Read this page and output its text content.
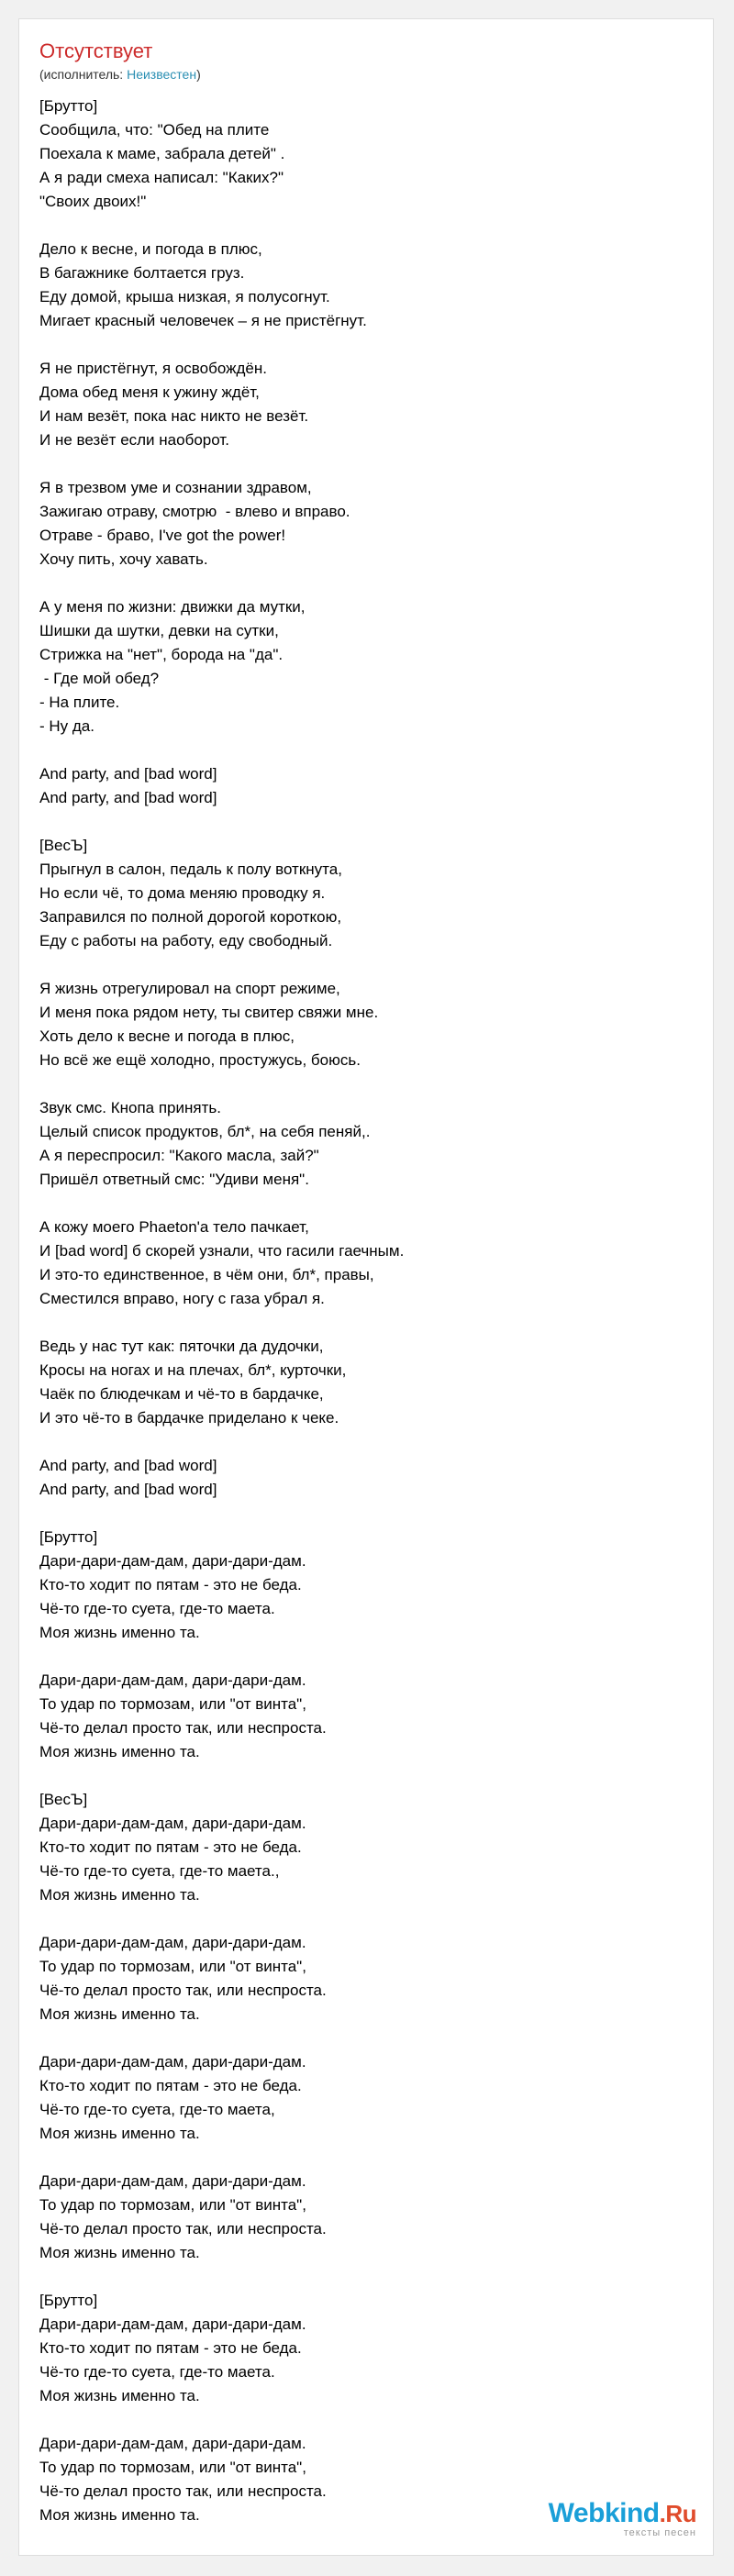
Отсутствует
(исполнитель: Неизвестен)
[Брутто]
Сообщила, что: "Обед на плите
Поехала к маме, забрала детей" .
А я ради смеха написал: "Каких?"
"Своих двоих!"
Дело к весне, и погода в плюс,
В багажнике болтается груз.
Еду домой, крыша низкая, я полусогнут.
Мигает красный человечек – я не пристёгнут.
Я не пристёгнут, я освобождён.
Дома обед меня к ужину ждёт,
И нам везёт, пока нас никто не везёт.
И не везёт если наоборот.
Я в трезвом уме и сознании здравом,
Зажигаю отраву, смотрю  - влево и вправо.
Отраве - браво, I've got the power!
Хочу пить, хочу хавать.
А у меня по жизни: движки да мутки,
Шишки да шутки, девки на сутки,
Стрижка на "нет", борода на "да".
- Где мой обед?
- На плите.
- Ну да.
And party, and [bad word]
And party, and [bad word]
[ВесЪ]
Прыгнул в салон, педаль к полу воткнута,
Но если чё, то дома меняю проводку я.
Заправился по полной дорогой короткою,
Еду с работы на работу, еду свободный.
Я жизнь отрегулировал на спорт режиме,
И меня пока рядом нету, ты свитер свяжи мне.
Хоть дело к весне и погода в плюс,
Но всё же ещё холодно, простужусь, боюсь.
Звук смс. Кнопа принять.
Целый список продуктов, бл*, на себя пеняй,.
А я переспросил: "Какого масла, зай?"
Пришёл ответный смс: "Удиви меня".
А кожу моего Phaeton'a тело пачкает,
И [bad word] б скорей узнали, что гасили гаечным.
И это-то единственное, в чём они, бл*, правы,
Сместился вправо, ногу с газа убрал я.
Ведь у нас тут как: пяточки да дудочки,
Кросы на ногах и на плечах, бл*, курточки,
Чаёк по блюдечкам и чё-то в бардачке,
И это чё-то в бардачке приделано к чеке.
And party, and [bad word]
And party, and [bad word]
[Брутто]
Дари-дари-дам-дам, дари-дари-дам.
Кто-то ходит по пятам - это не беда.
Чё-то где-то суета, где-то маета.
Моя жизнь именно та.
Дари-дари-дам-дам, дари-дари-дам.
То удар по тормозам, или "от винта",
Чё-то делал просто так, или неспроста.
Моя жизнь именно та.
[ВесЪ]
Дари-дари-дам-дам, дари-дари-дам.
Кто-то ходит по пятам - это не беда.
Чё-то где-то суета, где-то маета.,
Моя жизнь именно та.
Дари-дари-дам-дам, дари-дари-дам.
То удар по тормозам, или "от винта",
Чё-то делал просто так, или неспроста.
Моя жизнь именно та.
Дари-дари-дам-дам, дари-дари-дам.
Кто-то ходит по пятам - это не беда.
Чё-то где-то суета, где-то маета,
Моя жизнь именно та.
Дари-дари-дам-дам, дари-дари-дам.
То удар по тормозам, или "от винта",
Чё-то делал просто так, или неспроста.
Моя жизнь именно та.
[Брутто]
Дари-дари-дам-дам, дари-дари-дам.
Кто-то ходит по пятам - это не беда.
Чё-то где-то суета, где-то маета.
Моя жизнь именно та.
Дари-дари-дам-дам, дари-дари-дам.
То удар по тормозам, или "от винта",
Чё-то делал просто так, или неспроста.
Моя жизнь именно та.	Webkind.Ru
тексты песен
